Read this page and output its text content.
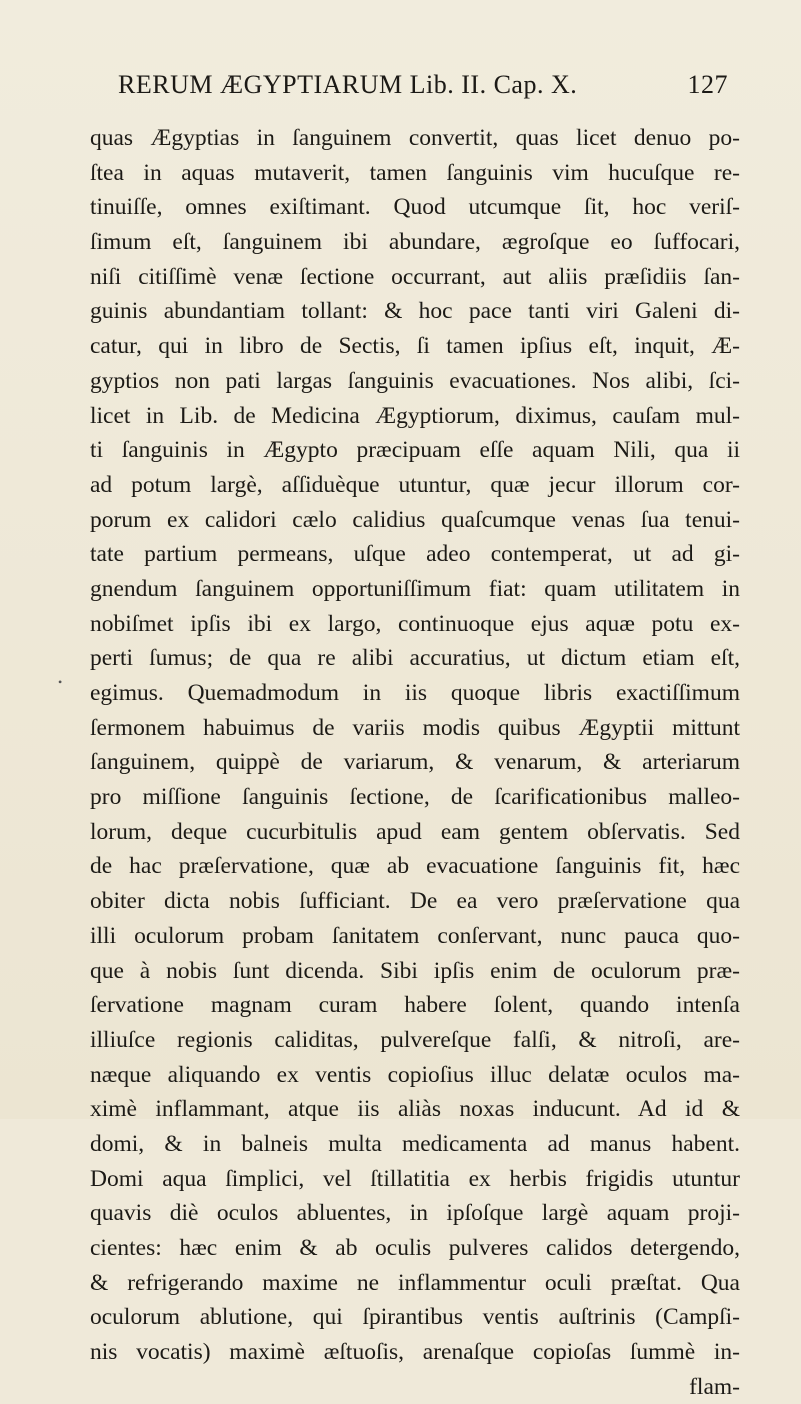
RERUM ÆGYPTIARUM Lib. II. Cap. X.	127
•
quas Ægyptias in ſanguinem convertit, quas licet denuo po-
ſtea in aquas mutaverit, tamen ſanguinis vim hucuſque re-
tinuiſſe, omnes exiſtimant. Quod utcumque ſit, hoc veriſ-
ſimum eſt, ſanguinem ibi abundare, ægroſque eo ſuffocari,
niſi citiſſimè venæ ſectione occurrant, aut aliis præſidiis ſan-
guinis abundantiam tollant: & hoc pace tanti viri Galeni di-
catur, qui in libro de Sectis, ſi tamen ipſius eſt, inquit, Æ-
gyptios non pati largas ſanguinis evacuationes. Nos alibi, ſci-
licet in Lib. de Medicina Ægyptiorum, diximus, cauſam mul-
ti ſanguinis in Ægypto præcipuam eſſe aquam Nili, qua ii
ad potum largè, aſſiduèque utuntur, quæ jecur illorum cor-
porum ex calidori cælo calidius quaſcumque venas ſua tenui-
tate partium permeans, uſque adeo contemperat, ut ad gi-
gnendum ſanguinem opportuniſſimum fiat: quam utilitatem in
nobiſmet ipſis ibi ex largo, continuoque ejus aquæ potu ex-
perti ſumus; de qua re alibi accuratius, ut dictum etiam eſt,
egimus. Quemadmodum in iis quoque libris exactiſſimum
ſermonem habuimus de variis modis quibus Ægyptii mittunt
ſanguinem, quippè de variarum, & venarum, & arteriarum
pro miſſione ſanguinis ſectione, de ſcarificationibus malleo-
lorum, deque cucurbitulis apud eam gentem obſervatis. Sed
de hac præſervatione, quæ ab evacuatione ſanguinis fit, hæc
obiter dicta nobis ſufficiant. De ea vero præſervatione qua
illi oculorum probam ſanitatem conſervant, nunc pauca quo-
que à nobis ſunt dicenda. Sibi ipſis enim de oculorum præ-
ſervatione magnam curam habere ſolent, quando intenſa
illiuſce regionis caliditas, pulvereſque falſi, & nitroſi, are-
næque aliquando ex ventis copioſius illuc delatæ oculos ma-
ximè inflammant, atque iis aliàs noxas inducunt. Ad id &
domi, & in balneis multa medicamenta ad manus habent.
Domi aqua ſimplici, vel ſtillatitia ex herbis frigidis utuntur
quavis diè oculos abluentes, in ipſoſque largè aquam proji-
cientes: hæc enim & ab oculis pulveres calidos detergendo,
& refrigerando maxime ne inflammentur oculi præſtat. Qua
oculorum ablutione, qui ſpirantibus ventis auſtrinis (Campſi-
nis vocatis) maximè æſtuoſis, arenaſque copioſas ſummè in-
flam-
